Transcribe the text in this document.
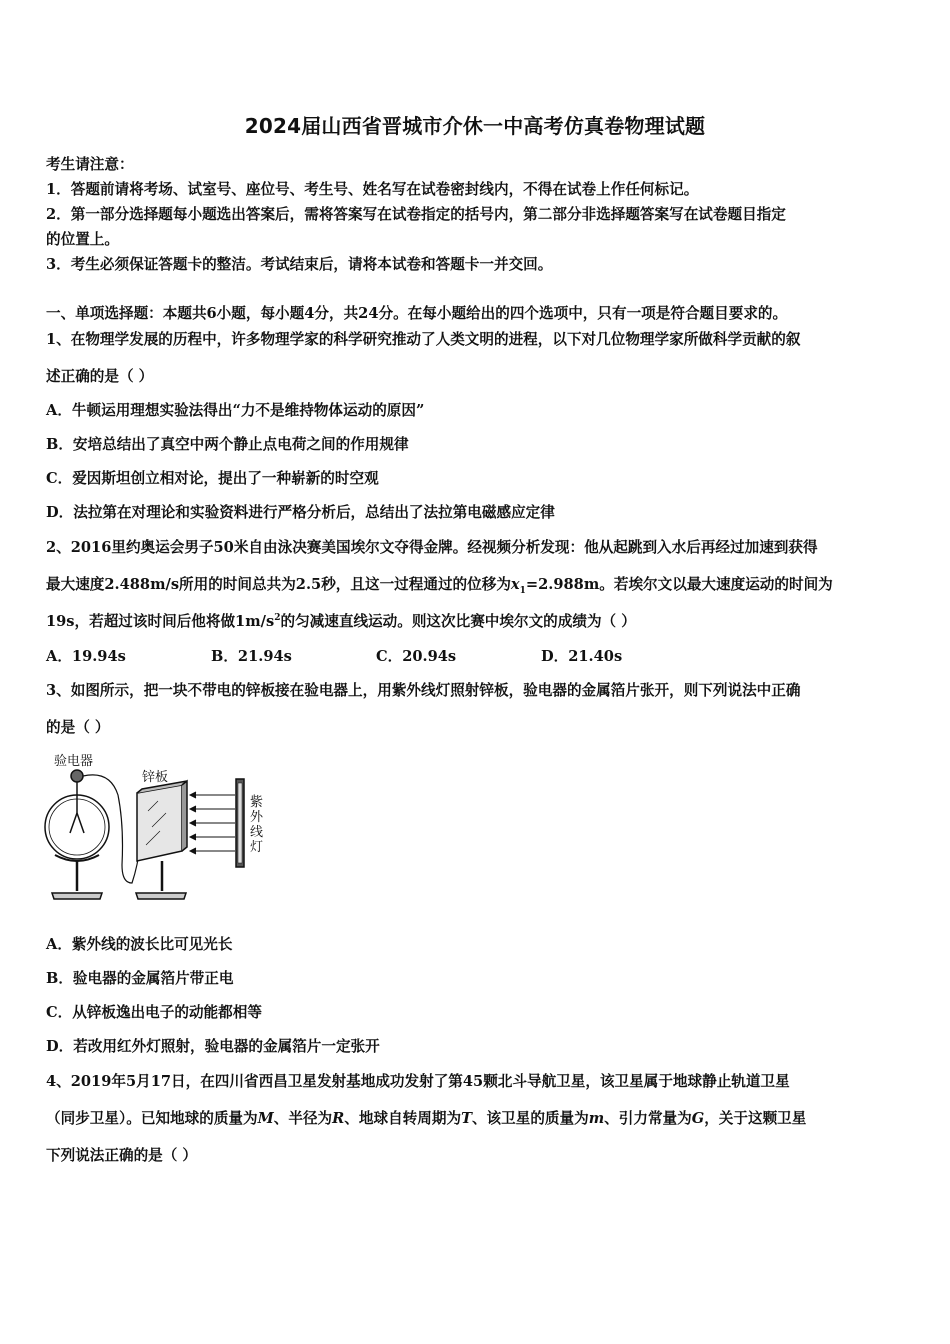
2024届山西省晋城市介休一中高考仿真卷物理试题
考生请注意：
1．答题前请将考场、试室号、座位号、考生号、姓名写在试卷密封线内，不得在试卷上作任何标记。
2．第一部分选择题每小题选出答案后，需将答案写在试卷指定的括号内，第二部分非选择题答案写在试卷题目指定
的位置上。
3．考生必须保证答题卡的整洁。考试结束后，请将本试卷和答题卡一并交回。
一、单项选择题：本题共6小题，每小题4分，共24分。在每小题给出的四个选项中，只有一项是符合题目要求的。
1、在物理学发展的历程中，许多物理学家的科学研究推动了人类文明的进程，以下对几位物理学家所做科学贡献的叙
述正确的是（ ）
A．牛顿运用理想实验法得出“力不是维持物体运动的原因”
B．安培总结出了真空中两个静止点电荷之间的作用规律
C．爱因斯坦创立相对论，提出了一种崭新的时空观
D．法拉第在对理论和实验资料进行严格分析后，总结出了法拉第电磁感应定律
2、2016里约奥运会男子50米自由泳决赛美国埃尔文夺得金牌。经视频分析发现：他从起跳到入水后再经过加速到获得
最大速度2.488m/s所用的时间总共为2.5秒，且这一过程通过的位移为$x_1=2.988m$。若埃尔文以最大速度运动的时间为
19s，若超过该时间后他将做$1m/s^2$的匀减速直线运动。则这次比赛中埃尔文的成绩为（ ）
A．19.94s	B．21.94s	C．20.94s	D．21.40s
3、如图所示，把一块不带电的锌板接在验电器上，用紫外线灯照射锌板，验电器的金属箔片张开，则下列说法中正确
的是（ ）
验电器
锌板
紫
外
线
灯
A．紫外线的波长比可见光长
B．验电器的金属箔片带正电
C．从锌板逸出电子的动能都相等
D．若改用红外灯照射，验电器的金属箔片一定张开
4、2019年5月17日，在四川省西昌卫星发射基地成功发射了第45颗北斗导航卫星，该卫星属于地球静止轨道卫星
（同步卫星）。已知地球的质量为M、半径为R、地球自转周期为T、该卫星的质量为m、引力常量为G，关于这颗卫星
下列说法正确的是（ ）
